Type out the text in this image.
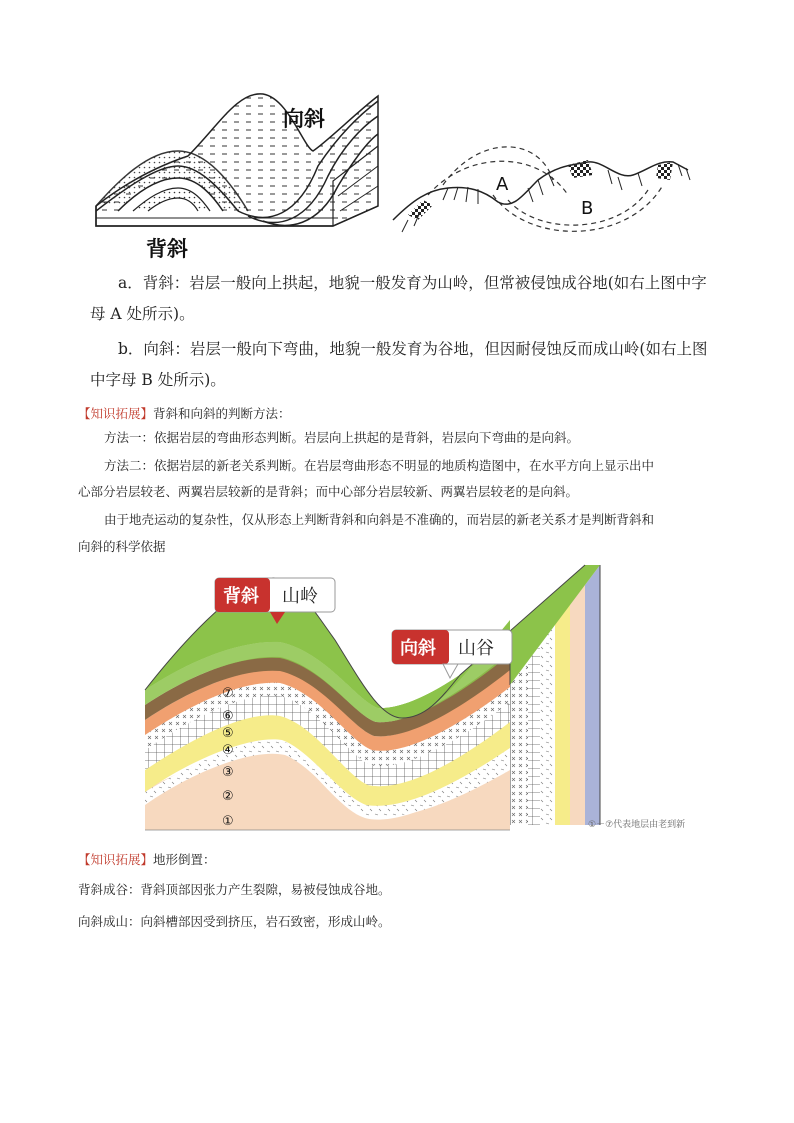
向斜
背斜
A
B
a．背斜：岩层一般向上拱起，地貌一般发育为山岭，但常被侵蚀成谷地(如右上图中字
母 A 处所示)。
b．向斜：岩层一般向下弯曲，地貌一般发育为谷地，但因耐侵蚀反而成山岭(如右上图
中字母 B 处所示)。
【知识拓展】背斜和向斜的判断方法：
方法一：依据岩层的弯曲形态判断。岩层向上拱起的是背斜，岩层向下弯曲的是向斜。
方法二：依据岩层的新老关系判断。在岩层弯曲形态不明显的地质构造图中，在水平方向上显示出中
心部分岩层较老、两翼岩层较新的是背斜；而中心部分岩层较新、两翼岩层较老的是向斜。
由于地壳运动的复杂性，仅从形态上判断背斜和向斜是不准确的，而岩层的新老关系才是判断背斜和
向斜的科学依据
⑦
⑥
⑤
④
③
②
①
背斜 山岭
向斜 山谷
①－⑦代表地层由老到新
【知识拓展】地形倒置：
背斜成谷：背斜顶部因张力产生裂隙，易被侵蚀成谷地。
向斜成山：向斜槽部因受到挤压，岩石致密，形成山岭。
